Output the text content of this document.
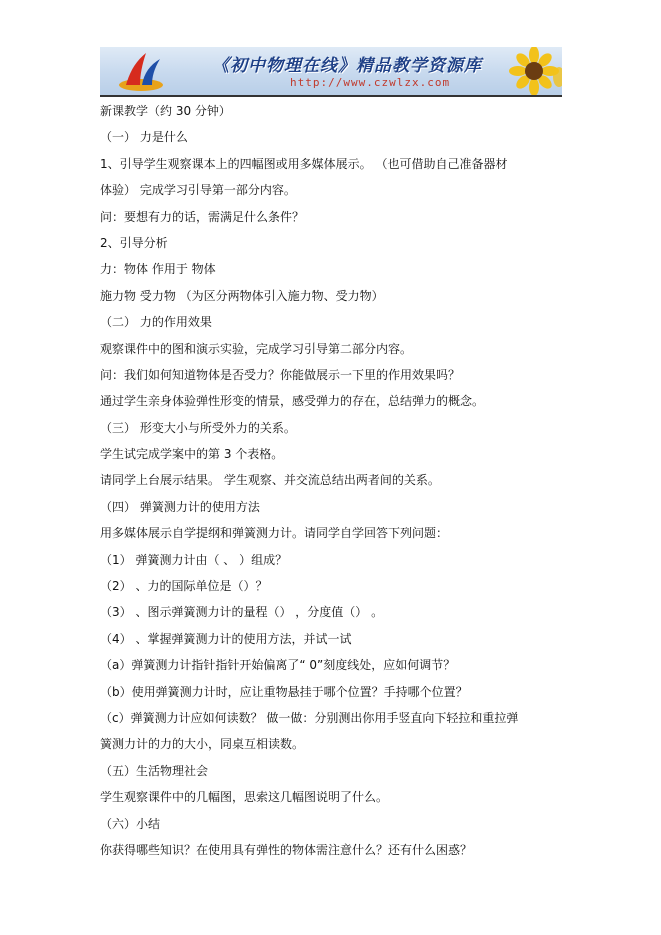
《初中物理在线》精品教学资源库
http://www.czwlzx.com
新课教学（约 30 分钟）
（一） 力是什么
1、引导学生观察课本上的四幅图或用多媒体展示。 （也可借助自己准备器材
体验） 完成学习引导第一部分内容。
问：要想有力的话，需满足什么条件？
2、引导分析
力：物体 作用于 物体
施力物 受力物 （为区分两物体引入施力物、受力物）
（二） 力的作用效果
观察课件中的图和演示实验，完成学习引导第二部分内容。
问：我们如何知道物体是否受力？你能做展示一下里的作用效果吗？
通过学生亲身体验弹性形变的情景，感受弹力的存在，总结弹力的概念。
（三） 形变大小与所受外力的关系。
学生试完成学案中的第 3 个表格。
请同学上台展示结果。 学生观察、并交流总结出两者间的关系。
（四） 弹簧测力计的使用方法
用多媒体展示自学提纲和弹簧测力计。请同学自学回答下列问题：
（1） 弹簧测力计由（ 、 ）组成？
（2） 、力的国际单位是（）？
（3） 、图示弹簧测力计的量程（） ，分度值（） 。
（4） 、掌握弹簧测力计的使用方法，并试一试
（a）弹簧测力计指针指针开始偏离了“ 0”刻度线处，应如何调节？
（b）使用弹簧测力计时，应让重物悬挂于哪个位置？手持哪个位置？
（c）弹簧测力计应如何读数？ 做一做：分别测出你用手竖直向下轻拉和重拉弹
簧测力计的力的大小，同桌互相读数。
（五）生活物理社会
学生观察课件中的几幅图，思索这几幅图说明了什么。
（六）小结
你获得哪些知识？在使用具有弹性的物体需注意什么？还有什么困惑？
